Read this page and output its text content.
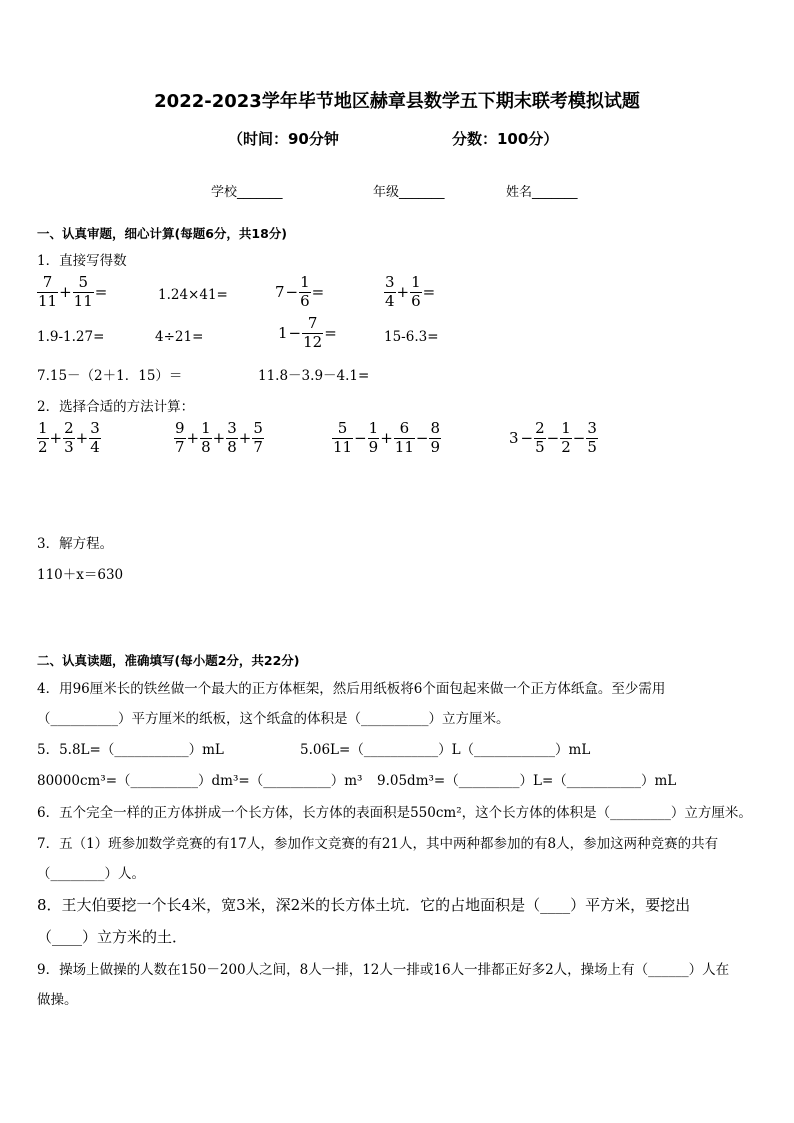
2022-2023学年毕节地区赫章县数学五下期末联考模拟试题
（时间：90分钟	分数：100分）
学校_______	年级_______	姓名_______
一、认真审题，细心计算(每题6分，共18分)
1．直接写得数
$\frac{7}{11} + \frac{5}{11}$ =	1.24×41=	$7 - \frac{1}{6}$ =	$\frac{3}{4} + \frac{1}{6}$ =
1.9-1.27=	4÷21=	$1 - \frac{7}{12}$ =	15-6.3=
7.15－（2＋1．15）＝	11.8－3.9－4.1=
2．选择合适的方法计算：
$\frac{1}{2} + \frac{2}{3} + \frac{3}{4}$	$\frac{9}{7} + \frac{1}{8} + \frac{3}{8} + \frac{5}{7}$	$\frac{5}{11} - \frac{1}{9} + \frac{6}{11} - \frac{8}{9}$	$3 - \frac{2}{5} - \frac{1}{2} - \frac{3}{5}$
3．解方程。
110＋x＝630
二、认真读题，准确填写(每小题2分，共22分)
4．用96厘米长的铁丝做一个最大的正方体框架，然后用纸板将6个面包起来做一个正方体纸盒。至少需用
（__________）平方厘米的纸板，这个纸盒的体积是（__________）立方厘米。
5．5.8L=（___________）mL	5.06L=（___________）L（____________）mL
80000cm³=（__________）dm³=（__________）m³ 9.05dm³=（_________）L=（___________）mL
6．五个完全一样的正方体拼成一个长方体，长方体的表面积是550cm²，这个长方体的体积是（_________）立方厘米。
7．五（1）班参加数学竞赛的有17人，参加作文竞赛的有21人，其中两种都参加的有8人，参加这两种竞赛的共有
（________）人。
8．王大伯要挖一个长4米，宽3米，深2米的长方体土坑．它的占地面积是（____）平方米，要挖出
（____）立方米的土．
9．操场上做操的人数在150－200人之间，8人一排，12人一排或16人一排都正好多2人，操场上有（______）人在
做操。
